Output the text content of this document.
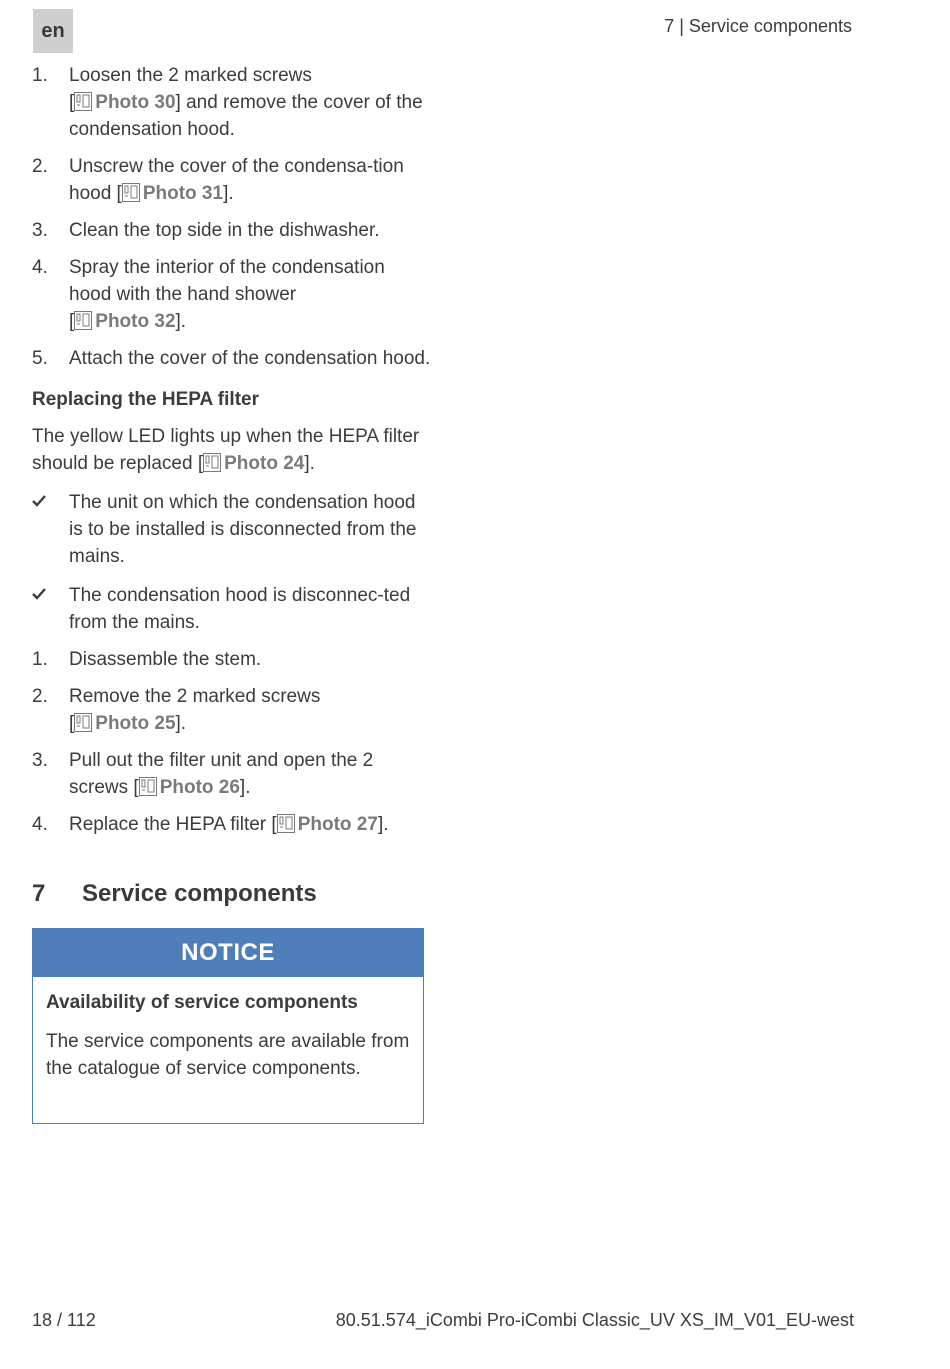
en	7 | Service components
1. Loosen the 2 marked screws
[ Photo 30] and remove the cover of the condensation hood.
2. Unscrew the cover of the condensa-tion hood [ Photo 31].
3. Clean the top side in the dishwasher.
4. Spray the interior of the condensation hood with the hand shower
[ Photo 32].
5. Attach the cover of the condensation hood.
Replacing the HEPA filter
The yellow LED lights up when the HEPA filter should be replaced [ Photo 24].
The unit on which the condensation hood is to be installed is disconnected from the mains.
The condensation hood is disconnec-ted from the mains.
1. Disassemble the stem.
2. Remove the 2 marked screws
[ Photo 25].
3. Pull out the filter unit and open the 2 screws [ Photo 26].
4. Replace the HEPA filter [ Photo 27].
7 Service components
NOTICE
Availability of service components
The service components are available from the catalogue of service components.
18 / 112	80.51.574_iCombi Pro-iCombi Classic_UV XS_IM_V01_EU-west
